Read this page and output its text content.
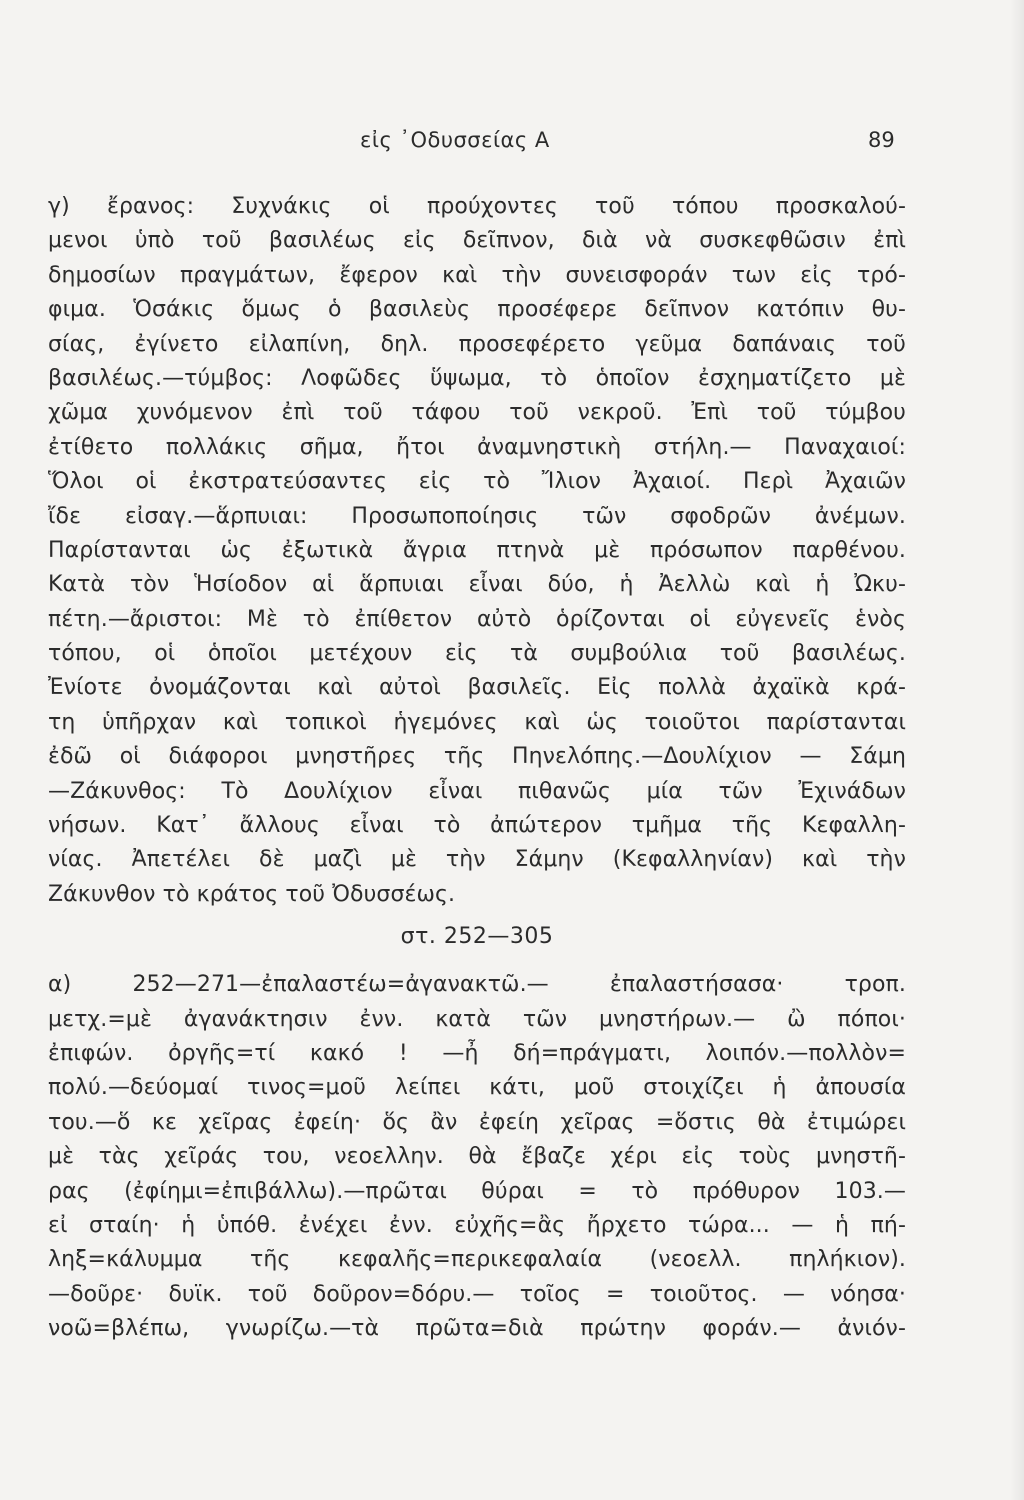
εἰς ᾿Οδυσσείας Α	89
γ) ἔρανος: Συχνάκις οἱ προύχοντες τοῦ τόπου προσκαλού-
μενοι ὑπὸ τοῦ βασιλέως εἰς δεῖπνον, διὰ νὰ συσκεφθῶσιν ἐπὶ
δημοσίων πραγμάτων, ἔφερον καὶ τὴν συνεισφοράν των εἰς τρό-
φιμα. Ὁσάκις ὅμως ὁ βασιλεὺς προσέφερε δεῖπνον κατόπιν θυ-
σίας, ἐγίνετο εἰλαπίνη, δηλ. προσεφέρετο γεῦμα δαπάναις τοῦ
βασιλέως.—τύμβος: Λοφῶδες ὕψωμα, τὸ ὁποῖον ἐσχηματίζετο μὲ
χῶμα χυνόμενον ἐπὶ τοῦ τάφου τοῦ νεκροῦ. Ἐπὶ τοῦ τύμβου
ἐτίθετο πολλάκις σῆμα, ἤτοι ἀναμνηστικὴ στήλη.— Παναχαιοί:
Ὅλοι οἱ ἐκστρατεύσαντες εἰς τὸ Ἴλιον Ἀχαιοί. Περὶ Ἀχαιῶν
ἴδε εἰσαγ.—ἅρπυιαι: Προσωποποίησις τῶν σφοδρῶν ἀνέμων.
Παρίστανται ὡς ἐξωτικὰ ἄγρια πτηνὰ μὲ πρόσωπον παρθένου.
Κατὰ τὸν Ἡσίοδον αἱ ἅρπυιαι εἶναι δύο, ἡ Ἀελλὼ καὶ ἡ Ὠκυ-
πέτη.—ἄριστοι: Μὲ τὸ ἐπίθετον αὐτὸ ὁρίζονται οἱ εὐγενεῖς ἑνὸς
τόπου, οἱ ὁποῖοι μετέχουν εἰς τὰ συμβούλια τοῦ βασιλέως.
Ἐνίοτε ὀνομάζονται καὶ αὐτοὶ βασιλεῖς. Εἰς πολλὰ ἀχαϊκὰ κρά-
τη ὑπῆρχαν καὶ τοπικοὶ ἡγεμόνες καὶ ὡς τοιοῦτοι παρίστανται
ἐδῶ οἱ διάφοροι μνηστῆρες τῆς Πηνελόπης.—Δουλίχιον — Σάμη
—Ζάκυνθος: Τὸ Δουλίχιον εἶναι πιθανῶς μία τῶν Ἐχινάδων
νήσων. Κατ᾿ ἄλλους εἶναι τὸ ἀπώτερον τμῆμα τῆς Κεφαλλη-
νίας. Ἀπετέλει δὲ μαζὶ μὲ τὴν Σάμην (Κεφαλληνίαν) καὶ τὴν
Ζάκυνθον τὸ κράτος τοῦ Ὀδυσσέως.
στ. 252—305
α) 252—271—ἐπαλαστέω=ἀγανακτῶ.— ἐπαλαστήσασα· τροπ.
μετχ.=μὲ ἀγανάκτησιν ἐνν. κατὰ τῶν μνηστήρων.— ὢ πόποι·
ἐπιφών. ὀργῆς=τί κακό ! —ἦ δή=πράγματι, λοιπόν.—πολλὸν=
πολύ.—δεύομαί τινος=μοῦ λείπει κάτι, μοῦ στοιχίζει ἡ ἀπουσία
του.—ὅ κε χεῖρας ἐφείη· ὅς ἂν ἐφείη χεῖρας =ὅστις θὰ ἐτιμώρει
μὲ τὰς χεῖράς του, νεοελλην. θὰ ἔβαζε χέρι εἰς τοὺς μνηστῆ-
ρας (ἐφίημι=ἐπιβάλλω).—πρῶται θύραι = τὸ πρόθυρον 103.—
εἰ σταίη· ἡ ὑπόθ. ἐνέχει ἐνν. εὐχῆς=ἂς ἤρχετο τώρα... — ἡ πή-
ληξ=κάλυμμα τῆς κεφαλῆς=περικεφαλαία (νεοελλ. πηλήκιον).
—δοῦρε· δυϊκ. τοῦ δοῦρον=δόρυ.— τοῖος = τοιοῦτος. — νόησα·
νοῶ=βλέπω, γνωρίζω.—τὰ πρῶτα=διὰ πρώτην φοράν.— ἀνιόν-
